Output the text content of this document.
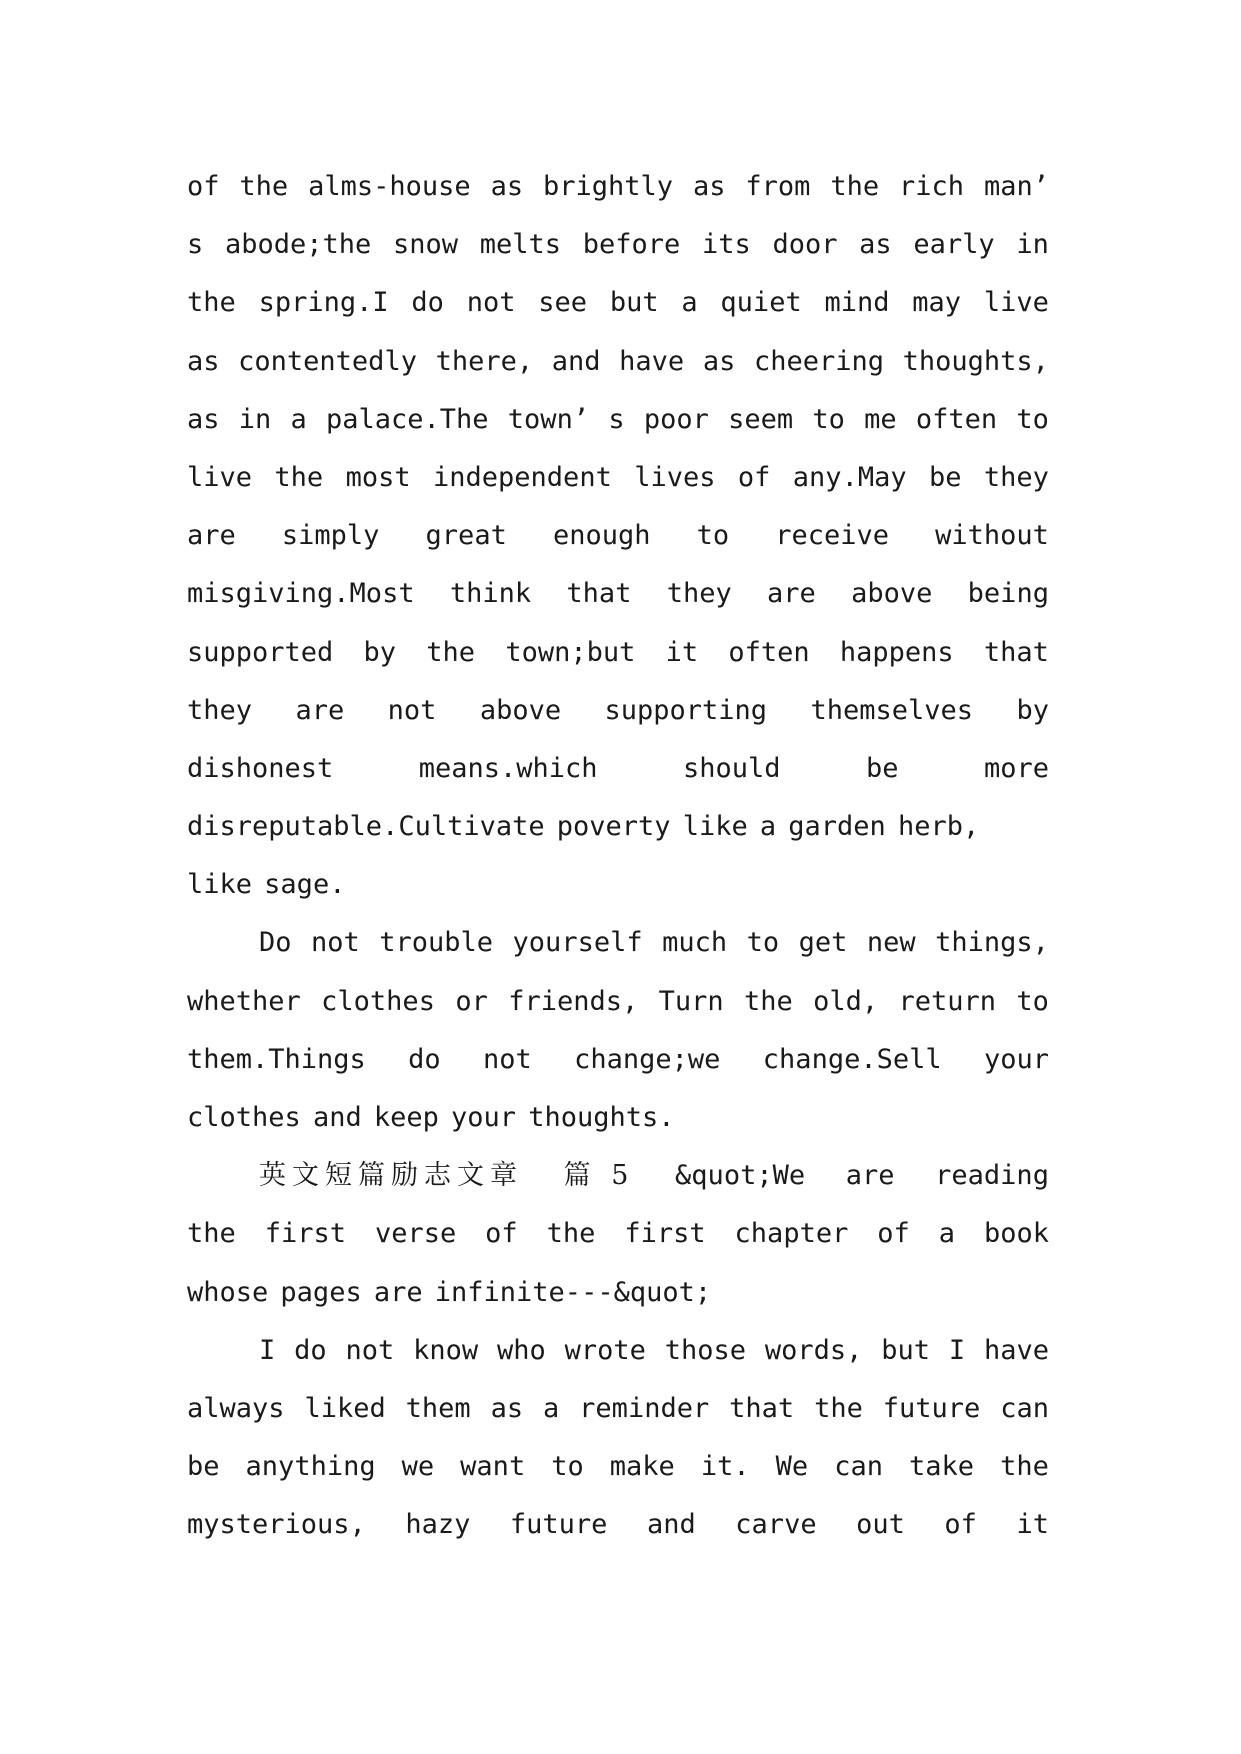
of the alms-house as brightly as from the rich man’
s abode;the snow melts before its door as early in
the spring.I do not see but a quiet mind may live
as contentedly there, and have as cheering thoughts,
as in a palace.The town’ s poor seem to me often to
live the most independent lives of any.May be they
are simply great enough to receive without
misgiving.Most think that they are above being
supported by the town;but it often happens that
they are not above supporting themselves by
dishonest	means.which	should	be	more
disreputable.Cultivate poverty like a garden herb,
like sage.
Do not trouble yourself much to get new things,
whether clothes or friends, Turn the old, return to
them.Things do not change;we change.Sell your
clothes and keep your thoughts.
英文短篇励志文章 篇 5 &quot;We are reading
the first verse of the first chapter of a book
whose pages are infinite---&quot;
I do not know who wrote those words, but I have
always liked them as a reminder that the future can
be anything we want to make it. We can take the
mysterious, hazy future and carve out of it
